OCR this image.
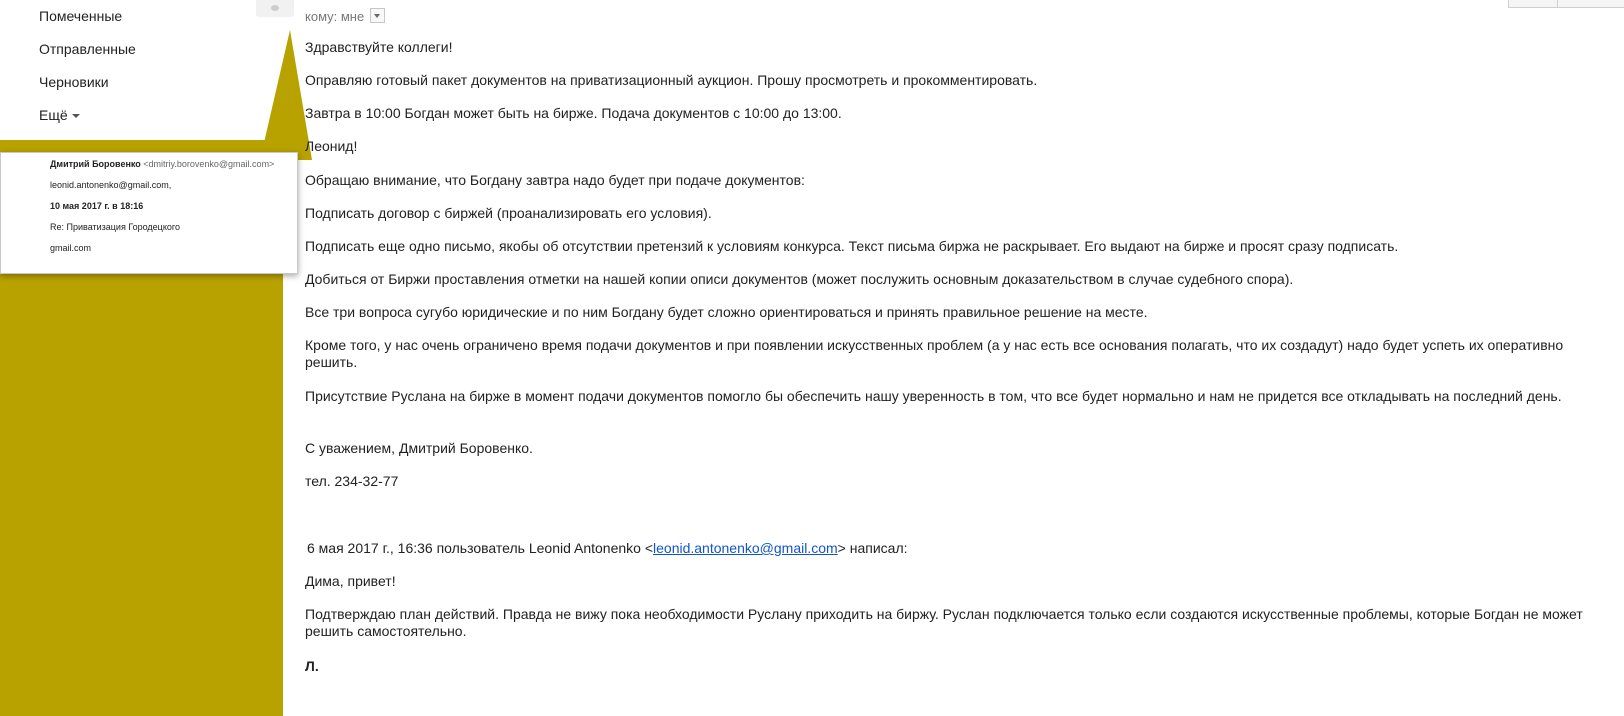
Помеченные
Отправленные
Черновики
Ещё
Дмитрий Боровенко <dmitriy.borovenko@gmail.com>
leonid.antonenko@gmail.com,
10 мая 2017 г. в 18:16
Re: Приватизация Городецкого
gmail.com
кому: мне
Здравствуйте коллеги!
Оправляю готовый пакет документов на приватизационный аукцион. Прошу просмотреть и прокомментировать.
Завтра в 10:00 Богдан может быть на бирже. Подача документов с 10:00 до 13:00.
Леонид!
Обращаю внимание, что Богдану завтра надо будет при подаче документов:
Подписать договор с биржей (проанализировать его условия).
Подписать еще одно письмо, якобы об отсутствии претензий к условиям конкурса. Текст письма биржа не раскрывает. Его выдают на бирже и просят сразу подписать.
Добиться от Биржи проставления отметки на нашей копии описи документов (может послужить основным доказательством в случае судебного спора).
Все три вопроса сугубо юридические и по ним Богдану будет сложно ориентироваться и принять правильное решение на месте.
Кроме того, у нас очень ограничено время подачи документов и при появлении искусственных проблем (а у нас есть все основания полагать, что их создадут) надо будет успеть их оперативно решить.
Присутствие Руслана на бирже в момент подачи документов помогло бы обеспечить нашу уверенность в том, что все будет нормально и нам не придется все откладывать на последний день.
С уважением, Дмитрий Боровенко.
тел. 234-32-77
6 мая 2017 г., 16:36 пользователь Leonid Antonenko <leonid.antonenko@gmail.com> написал:
Дима, привет!
Подтверждаю план действий. Правда не вижу пока необходимости Руслану приходить на биржу. Руслан подключается только если создаются искусственные проблемы, которые Богдан не может решить самостоятельно.
Л.
